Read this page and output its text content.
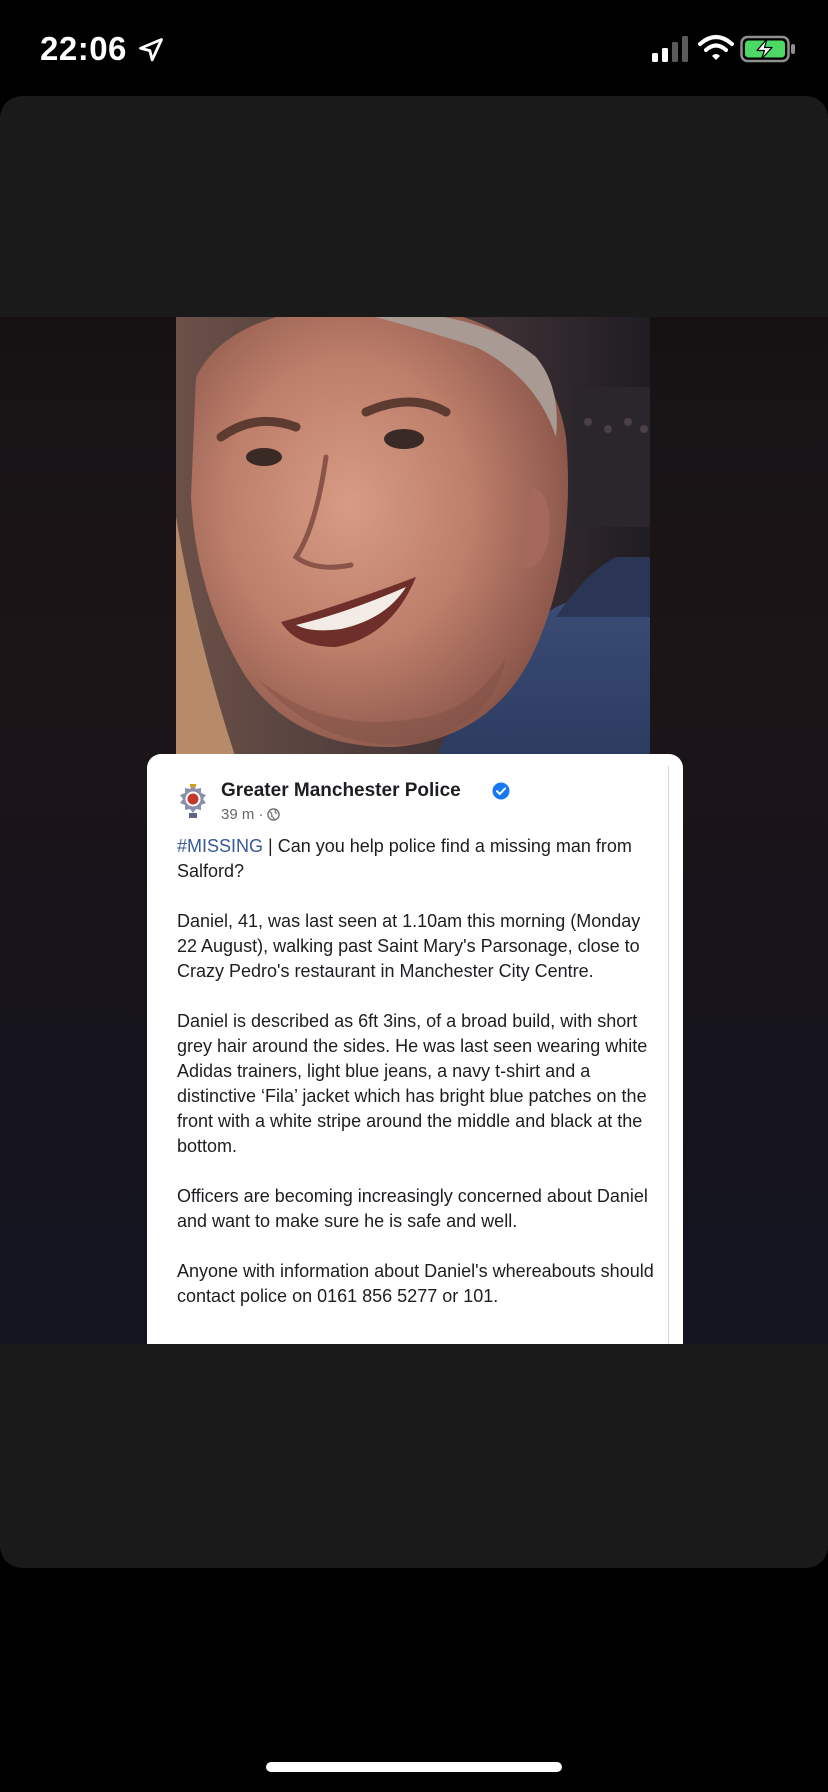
22:06
Greater Manchester Police
39 m ·

#MISSING | Can you help police find a missing man from Salford?

Daniel, 41, was last seen at 1.10am this morning (Monday 22 August), walking past Saint Mary's Parsonage, close to Crazy Pedro's restaurant in Manchester City Centre.

Daniel is described as 6ft 3ins, of a broad build, with short grey hair around the sides. He was last seen wearing white Adidas trainers, light blue jeans, a navy t-shirt and a distinctive ‘Fila’ jacket which has bright blue patches on the front with a white stripe around the middle and black at the bottom.

Officers are becoming increasingly concerned about Daniel and want to make sure he is safe and well.

Anyone with information about Daniel's whereabouts should contact police on 0161 856 5277 or 101.
